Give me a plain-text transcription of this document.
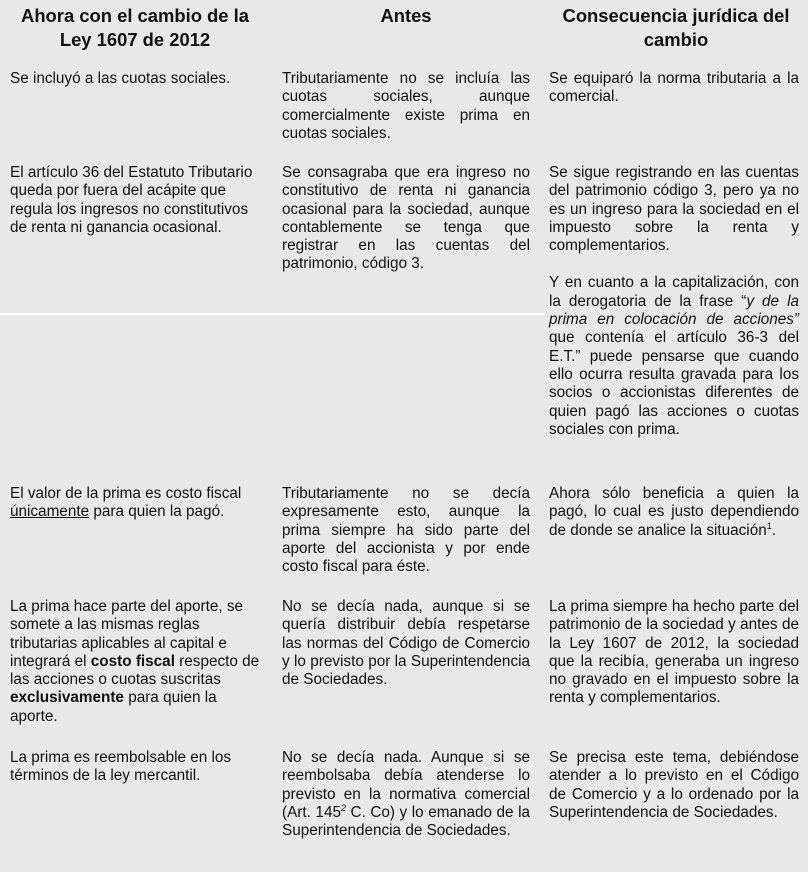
Ahora con el cambio de la Ley 1607 de 2012
Antes	Consecuencia jurídica del cambio
Se incluyó a las cuotas sociales.	Tributariamente no se incluía las cuotas sociales, aunque comercialmente existe prima en cuotas sociales.
Se equiparó la norma tributaria a la comercial.
El artículo 36 del Estatuto Tributario queda por fuera del acápite que regula los ingresos no constitutivos de renta ni ganancia ocasional.
Se consagraba que era ingreso no constitutivo de renta ni ganancia ocasional para la sociedad, aunque contablemente se tenga que registrar en las cuentas del patrimonio, código 3.

Se sigue registrando en las cuentas del patrimonio código 3, pero ya no es un ingreso para la sociedad en el impuesto sobre la renta y complementarios.

Y en cuanto a la capitalización, con la derogatoria de la frase “y de la prima en colocación de acciones” que contenía el artículo 36-3 del E.T.” puede pensarse que cuando ello ocurra resulta gravada para los socios o accionistas diferentes de quien pagó las acciones o cuotas sociales con prima.

El valor de la prima es costo fiscal únicamente para quien la pagó.
Tributariamente no se decía expresamente esto, aunque la prima siempre ha sido parte del aporte del accionista y por ende costo fiscal para éste.
Ahora sólo beneficia a quien la pagó, lo cual es justo dependiendo de donde se analice la situación$^1$.
La prima hace parte del aporte, se somete a las mismas reglas tributarias aplicables al capital e integrará el costo fiscal respecto de las acciones o cuotas suscritas exclusivamente para quien la aporte.
No se decía nada, aunque si se quería distribuir debía respetarse las normas del Código de Comercio y lo previsto por la Superintendencia de Sociedades.
La prima siempre ha hecho parte del patrimonio de la sociedad y antes de la Ley 1607 de 2012, la sociedad que la recibía, generaba un ingreso no gravado en el impuesto sobre la renta y complementarios.
La prima es reembolsable en los términos de la ley mercantil.
No se decía nada. Aunque si se reembolsaba debía atenderse lo previsto en la normativa comercial (Art. $145^2$ C. Co) y lo emanado de la Superintendencia de Sociedades.
Se precisa este tema, debiéndose atender a lo previsto en el Código de Comercio y a lo ordenado por la Superintendencia de Sociedades.
